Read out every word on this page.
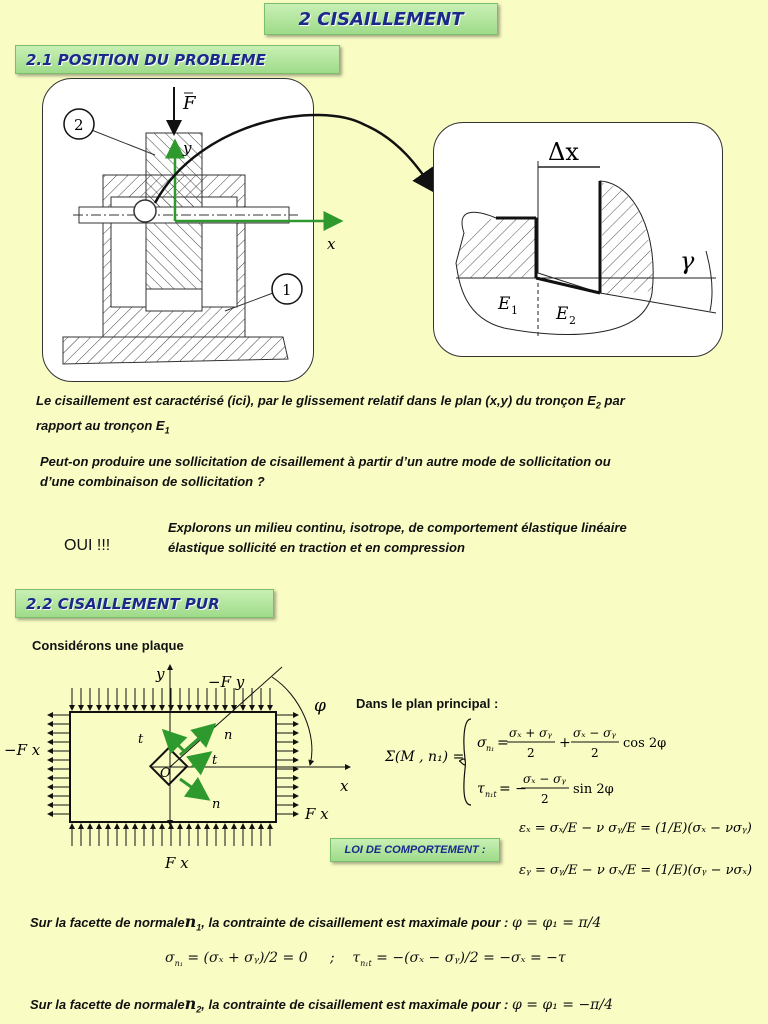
2 CISAILLEMENT
2.1 POSITION DU PROBLEME
F
y
x
2
1
Δx
γ
E 1 E 2
Le cisaillement est caractérisé (ici), par le glissement relatif dans le plan (x,y) du tronçon $E_2$ par
rapport au tronçon $E_1$
Peut-on produire une sollicitation de cisaillement à partir d’un autre mode de sollicitation ou
d’une combinaison de sollicitation ?
OUI !!!
Explorons un milieu continu, isotrope, de comportement élastique linéaire
élastique sollicité en traction et en compression
2.2 CISAILLEMENT PUR
Considérons une plaque
y	−F y
φ
−F x
t	n
t
n
O
x
F x
F x
Dans le plan principal :
Σ(M , n₁) =
σ n₁ =
σₓ + σᵧ
2
+
σₓ − σᵧ
2
cos 2φ
τ n₁t = −
σₓ − σᵧ
2
sin 2φ
εₓ = σₓ/E − ν σᵧ/E = (1/E)(σₓ − νσᵧ)
εᵧ = σᵧ/E − ν σₓ/E = (1/E)(σᵧ − νσₓ)
LOI DE COMPORTEMENT :
Sur la facette de normalen$_1$, la contrainte de cisaillement est maximale pour : φ = φ₁ = π/4
$\sigma_{n_1} = (\sigma_x$ + σᵧ)/2 = 0     ;    $\tau_{n_1t} = -(\sigma_x$ − σᵧ)/2 = −σₓ = −τ
Sur la facette de normalen$_2$, la contrainte de cisaillement est maximale pour : φ = φ₁ = −π/4
